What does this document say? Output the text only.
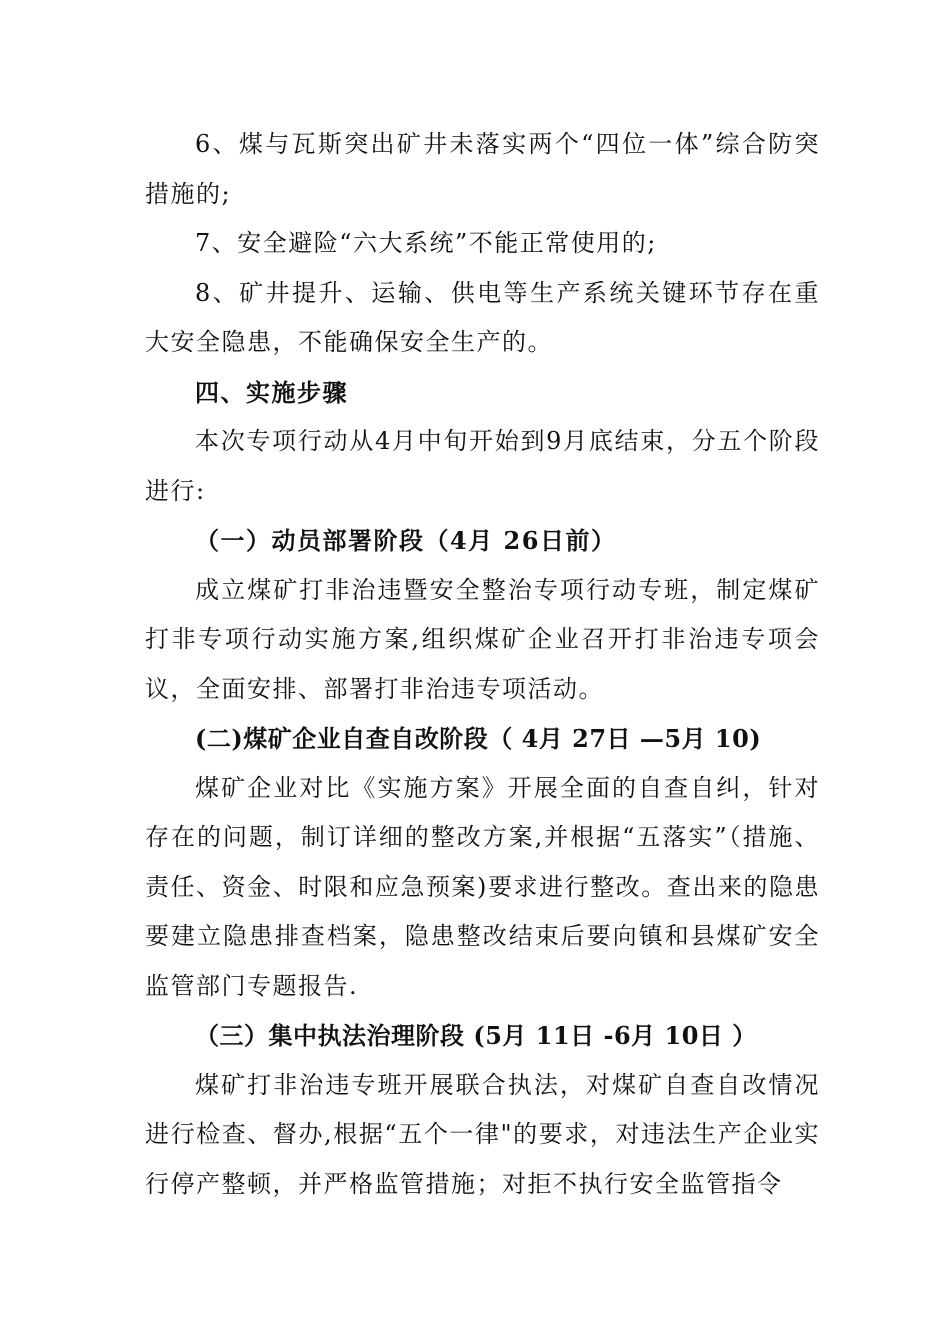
6、煤与瓦斯突出矿井未落实两个“四位一体”综合防突措施的;

7、安全避险“六大系统”不能正常使用的;

8、矿井提升、运输、供电等生产系统关键环节存在重大安全隐患，不能确保安全生产的。

四、实施步骤

本次专项行动从4月中旬开始到9月底结束，分五个阶段进行:

（一）动员部署阶段（4月 26日前）

成立煤矿打非治违暨安全整治专项行动专班，制定煤矿打非专项行动实施方案,组织煤矿企业召开打非治违专项会议，全面安排、部署打非治违专项活动。

(二)煤矿企业自查自改阶段（ 4月 27日 —5月 10)

煤矿企业对比《实施方案》开展全面的自查自纠，针对存在的问题，制订详细的整改方案,并根据“五落实”（措施、责任、资金、时限和应急预案)要求进行整改。查出来的隐患要建立隐患排查档案，隐患整改结束后要向镇和县煤矿安全监管部门专题报告.

（三）集中执法治理阶段 (5月 11日 -6月 10日 ）

煤矿打非治违专班开展联合执法，对煤矿自查自改情况进行检查、督办,根据“五个一律"的要求，对违法生产企业实行停产整顿，并严格监管措施；对拒不执行安全监管指令
